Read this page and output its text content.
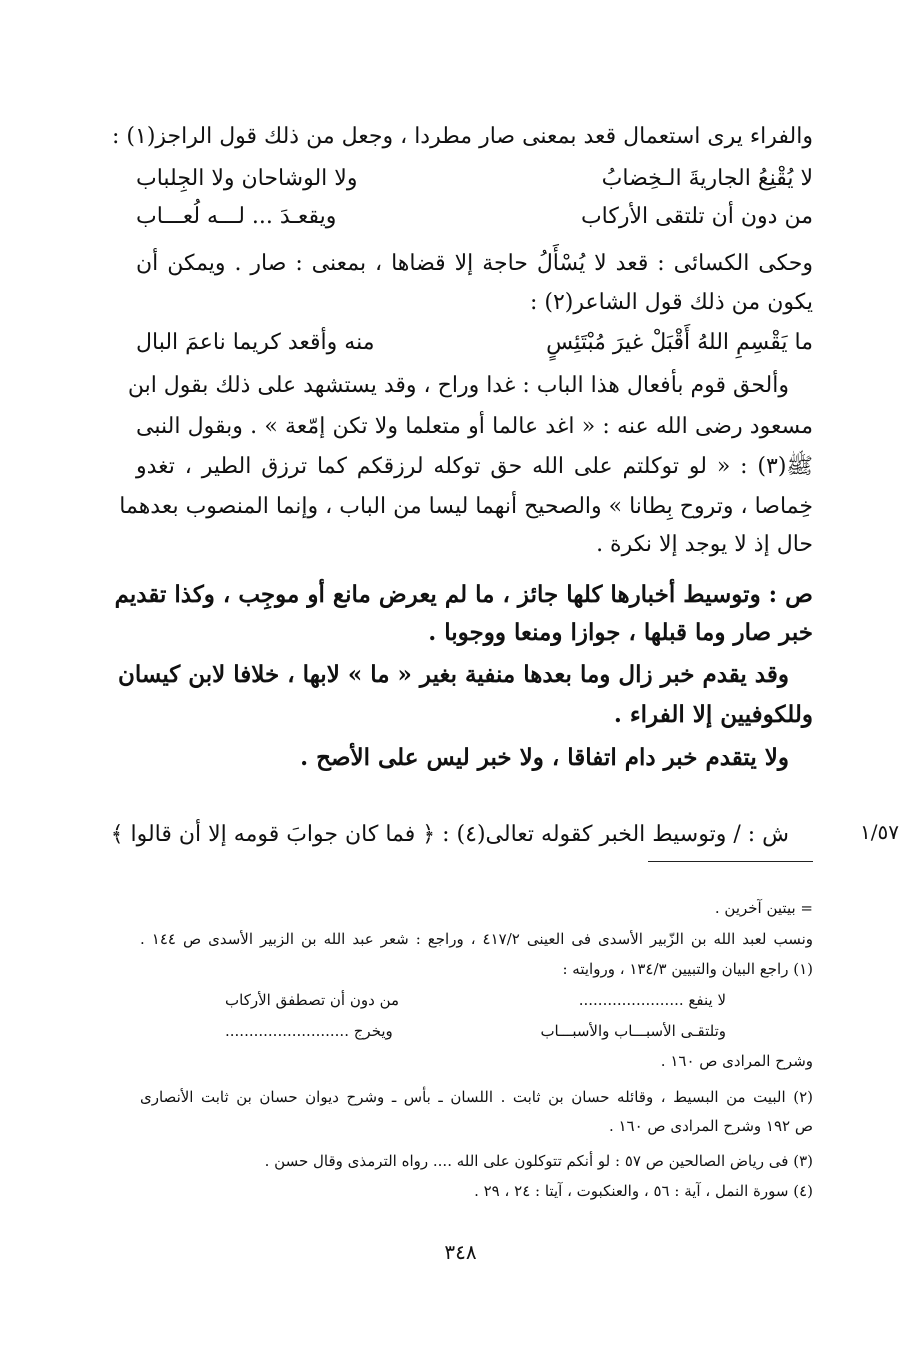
والفراء يرى استعمال قعد بمعنى صار مطردا ، وجعل من ذلك قول الراجز(١) :
لا يُقْنِعُ الجاريةَ الـخِضابُ
ولا الوشاحان ولا الجِلباب
من دون أن تلتقى الأركاب
ويقعـدَ ... لـــه لُعـــاب
وحكى الكسائى : قعد لا يُسْأَلُ حاجة إلا قضاها ، بمعنى : صار . ويمكن أن
يكون من ذلك قول الشاعر(٢) :
ما يَقْسِمِ اللهُ أَقْبَلْ غيرَ مُبْتَئِسٍ
منه وأقعد كريما ناعمَ البال
وألحق قوم بأفعال هذا الباب : غدا وراح ، وقد يستشهد على ذلك بقول ابن
مسعود رضى الله عنه : « اغد عالما أو متعلما ولا تكن إمّعة » . وبقول النبى
ﷺ(٣) : « لو توكلتم على الله حق توكله لرزقكم كما ترزق الطير ، تغدو
خِماصا ، وتروح بِطانا » والصحيح أنهما ليسا من الباب ، وإنما المنصوب بعدهما
حال إذ لا يوجد إلا نكرة .
ص : وتوسيط أخبارها كلها جائز ، ما لم يعرض مانع أو موجِب ، وكذا تقديم
خبر صار وما قبلها ، جوازا ومنعا ووجوبا .
وقد يقدم خبر زال وما بعدها منفية بغير « ما » لابها ، خلافا لابن كيسان
وللكوفيين إلا الفراء .
ولا يتقدم خبر دام اتفاقا ، ولا خبر ليس على الأصح .
ش : / وتوسيط الخبر كقوله تعالى(٤) : ﴿ فما كان جوابَ قومه إلا أن قالوا ﴾	١/٥٧
= بيتين آخرين .
ونسب لعبد الله بن الزّبير الأسدى فى العينى ٤١٧/٢ ، وراجع : شعر عبد الله بن الزبير الأسدى ص ١٤٤ .
(١) راجع البيان والتبيين ١٣٤/٣ ، وروايته :
لا ينفع ......................
من دون أن تصطفق الأركاب
وتلتقـى الأسبـــاب والأسبـــاب
ويخرج ..........................
وشرح المرادى ص ١٦٠ .
(٢) البيت من البسيط ، وقائله حسان بن ثابت . اللسان ـ بأس ـ وشرح ديوان حسان بن ثابت الأنصارى
ص ١٩٢ وشرح المرادى ص ١٦٠ .
(٣) فى رياض الصالحين ص ٥٧ : لو أنكم تتوكلون على الله .... رواه الترمذى وقال حسن .
(٤) سورة النمل ، آية : ٥٦ ، والعنكبوت ، آيتا : ٢٤ ، ٢٩ .
٣٤٨
